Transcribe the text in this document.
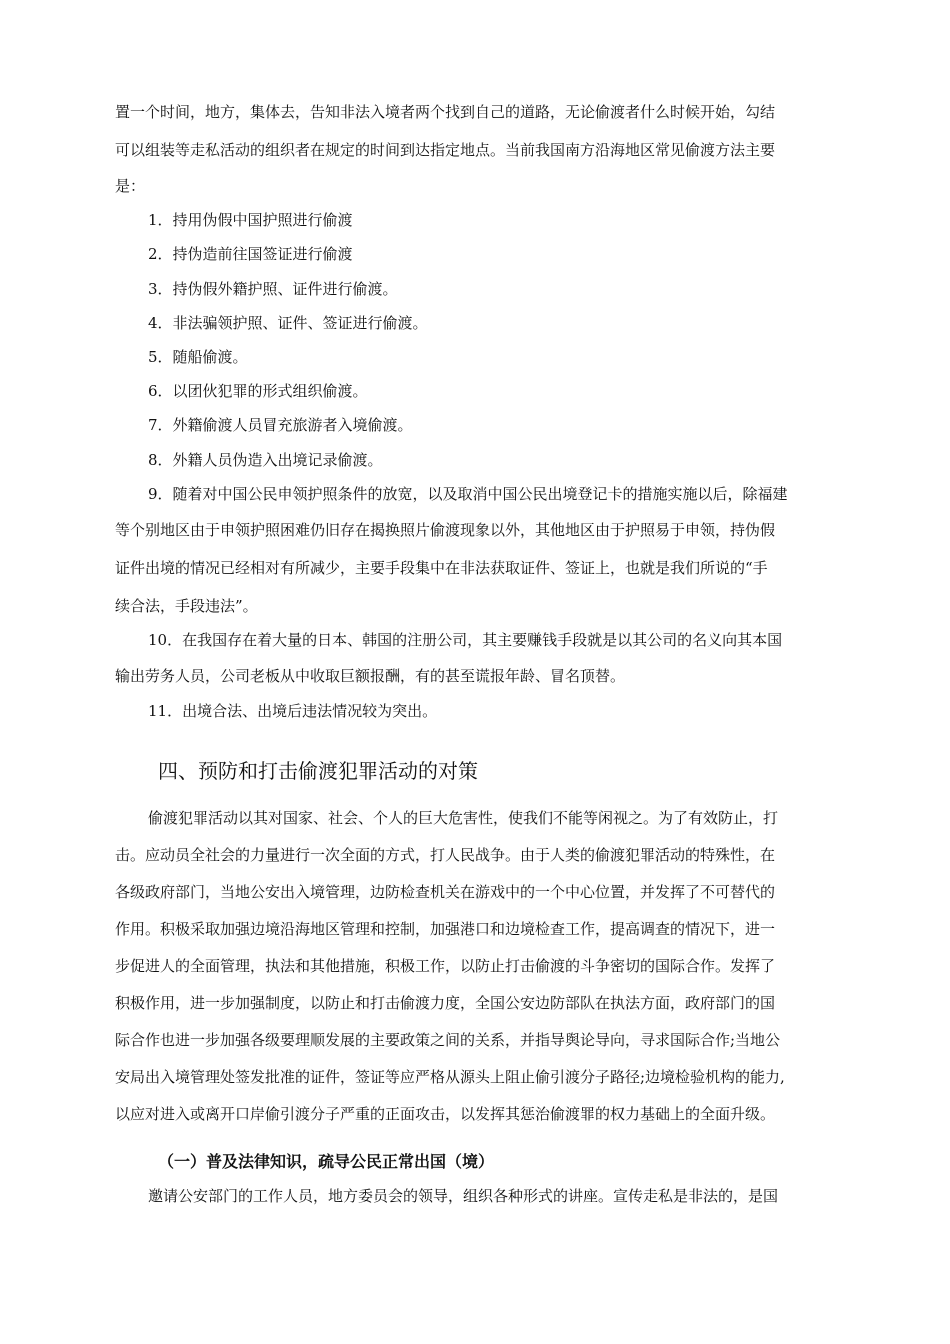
置一个时间，地方，集体去，告知非法入境者两个找到自己的道路，无论偷渡者什么时候开始，勾结

可以组装等走私活动的组织者在规定的时间到达指定地点。当前我国南方沿海地区常见偷渡方法主要

是：

1．持用伪假中国护照进行偷渡

2．持伪造前往国签证进行偷渡

3．持伪假外籍护照、证件进行偷渡。

4．非法骗领护照、证件、签证进行偷渡。

5．随船偷渡。

6．以团伙犯罪的形式组织偷渡。

7．外籍偷渡人员冒充旅游者入境偷渡。

8．外籍人员伪造入出境记录偷渡。

9．随着对中国公民申领护照条件的放宽，以及取消中国公民出境登记卡的措施实施以后，除福建

等个别地区由于申领护照困难仍旧存在揭换照片偷渡现象以外，其他地区由于护照易于申领，持伪假

证件出境的情况已经相对有所减少，主要手段集中在非法获取证件、签证上，也就是我们所说的“手

续合法，手段违法”。

10．在我国存在着大量的日本、韩国的注册公司，其主要赚钱手段就是以其公司的名义向其本国

输出劳务人员，公司老板从中收取巨额报酬，有的甚至谎报年龄、冒名顶替。

11．出境合法、出境后违法情况较为突出。

四、预防和打击偷渡犯罪活动的对策

偷渡犯罪活动以其对国家、社会、个人的巨大危害性，使我们不能等闲视之。为了有效防止，打

击。应动员全社会的力量进行一次全面的方式，打人民战争。由于人类的偷渡犯罪活动的特殊性，在

各级政府部门，当地公安出入境管理，边防检查机关在游戏中的一个中心位置，并发挥了不可替代的

作用。积极采取加强边境沿海地区管理和控制，加强港口和边境检查工作，提高调查的情况下，进一

步促进人的全面管理，执法和其他措施，积极工作，以防止打击偷渡的斗争密切的国际合作。发挥了

积极作用，进一步加强制度，以防止和打击偷渡力度，全国公安边防部队在执法方面，政府部门的国

际合作也进一步加强各级要理顺发展的主要政策之间的关系，并指导舆论导向，寻求国际合作;当地公

安局出入境管理处签发批准的证件，签证等应严格从源头上阻止偷引渡分子路径;边境检验机构的能力,

以应对进入或离开口岸偷引渡分子严重的正面攻击，以发挥其惩治偷渡罪的权力基础上的全面升级。

（一）普及法律知识，疏导公民正常出国（境）

邀请公安部门的工作人员，地方委员会的领导，组织各种形式的讲座。宣传走私是非法的，是国
